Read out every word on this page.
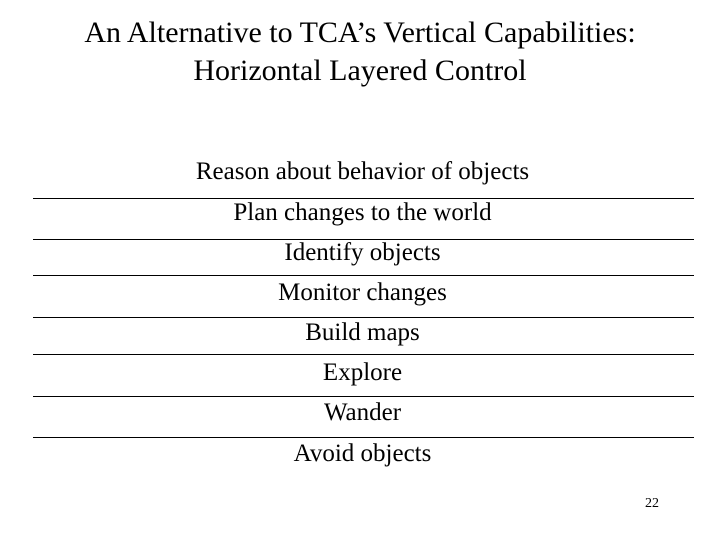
An Alternative to TCA’s Vertical Capabilities:
Horizontal Layered Control
Reason about behavior of objects
Plan changes to the world
Identify objects
Monitor changes
Build maps
Explore
Wander
Avoid objects
22
